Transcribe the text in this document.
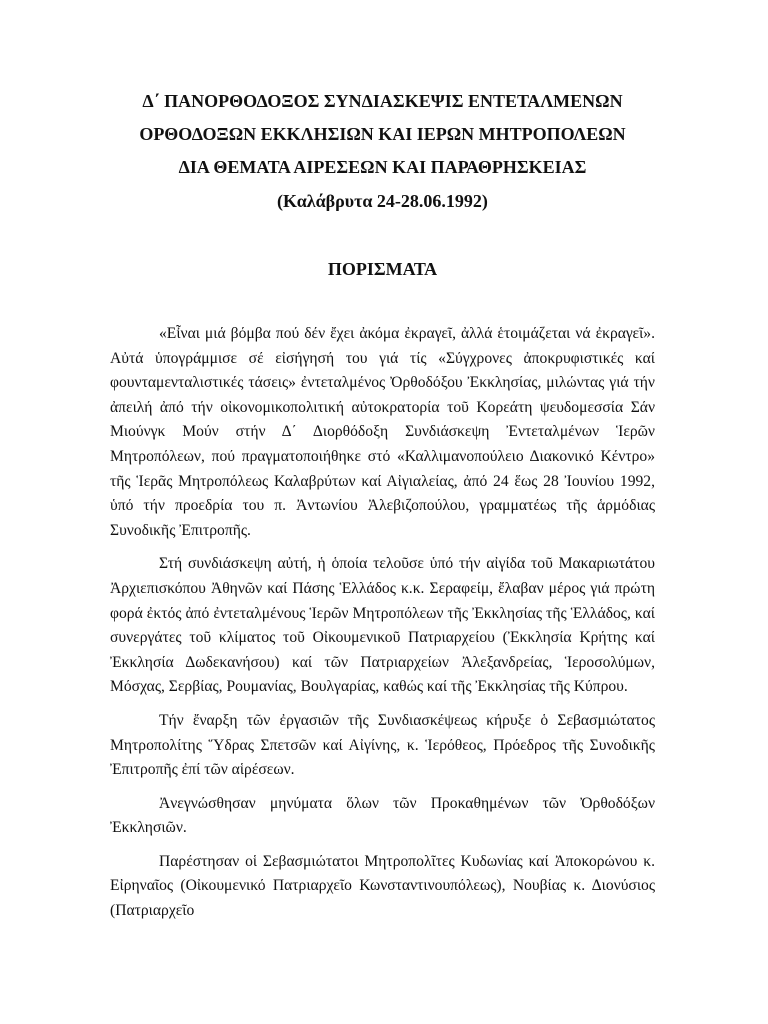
Δ΄ ΠΑΝΟΡΘΟΔΟΞΟΣ ΣΥΝΔΙΑΣΚΕΨΙΣ ΕΝΤΕΤΑΛΜΕΝΩΝ
ΟΡΘΟΔΟΞΩΝ ΕΚΚΛΗΣΙΩΝ ΚΑΙ ΙΕΡΩΝ ΜΗΤΡΟΠΟΛΕΩΝ
ΔΙΑ ΘΕΜΑΤΑ ΑΙΡΕΣΕΩΝ ΚΑΙ ΠΑΡΑΘΡΗΣΚΕΙΑΣ
(Καλάβρυτα 24-28.06.1992)
ΠΟΡΙΣΜΑΤΑ

«Εἶναι μιά βόμβα πού δέν ἔχει ἀκόμα ἐκραγεῖ, ἀλλά ἑτοιμάζεται νά ἐκραγεῖ». Αὐτά ὑπογράμμισε σέ εἰσήγησή του γιά τίς «Σύγχρονες ἀποκρυφιστικές καί φουνταμενταλιστικές τάσεις» ἐντεταλμένος Ὀρθοδόξου Ἐκκλησίας, μιλώντας γιά τήν ἀπειλή ἀπό τήν οἰκονομικοπολιτική αὐτοκρατορία τοῦ Κορεάτη ψευδομεσσία Σάν Μιούνγκ Μούν στήν Δ΄ Διορθόδοξη Συνδιάσκεψη Ἐντεταλμένων Ἱερῶν Μητροπόλεων, πού πραγματοποιήθηκε στό «Καλλιμανοπούλειο Διακονικό Κέντρο» τῆς Ἱερᾶς Μητροπόλεως Καλαβρύτων καί Αἰγιαλείας, ἀπό 24 ἕως 28 Ἰουνίου 1992, ὑπό τήν προεδρία του π. Ἀντωνίου Ἀλεβιζοπούλου, γραμματέως τῆς ἁρμόδιας Συνοδικῆς Ἐπιτροπῆς.

Στή συνδιάσκεψη αὐτή, ἡ ὁποία τελοῦσε ὑπό τήν αἰγίδα τοῦ Μακαριωτάτου Ἀρχιεπισκόπου Ἀθηνῶν καί Πάσης Ἑλλάδος κ.κ. Σεραφείμ, ἔλαβαν μέρος γιά πρώτη φορά ἐκτός ἀπό ἐντεταλμένους Ἱερῶν Μητροπόλεων τῆς Ἐκκλησίας τῆς Ἑλλάδος, καί συνεργάτες τοῦ κλίματος τοῦ Οἰκουμενικοῦ Πατριαρχείου (Ἐκκλησία Κρήτης καί Ἐκκλησία Δωδεκανήσου) καί τῶν Πατριαρχείων Ἀλεξανδρείας, Ἱεροσολύμων, Μόσχας, Σερβίας, Ρουμανίας, Βουλγαρίας, καθώς καί τῆς Ἐκκλησίας τῆς Κύπρου.

Τήν ἔναρξη τῶν ἐργασιῶν τῆς Συνδιασκέψεως κήρυξε ὁ Σεβασμιώτατος Μητροπολίτης Ὕδρας Σπετσῶν καί Αἰγίνης, κ. Ἱερόθεος, Πρόεδρος τῆς Συνοδικῆς Ἐπιτροπῆς ἐπί τῶν αἱρέσεων.

Ἀνεγνώσθησαν μηνύματα ὅλων τῶν Προκαθημένων τῶν Ὀρθοδόξων Ἐκκλησιῶν.

Παρέστησαν οἱ Σεβασμιώτατοι Μητροπολῖτες Κυδωνίας καί Ἀποκορώνου κ. Εἰρηναῖος (Οἰκουμενικό Πατριαρχεῖο Κωνσταντινουπόλεως), Νουβίας κ. Διονύσιος (Πατριαρχεῖο
